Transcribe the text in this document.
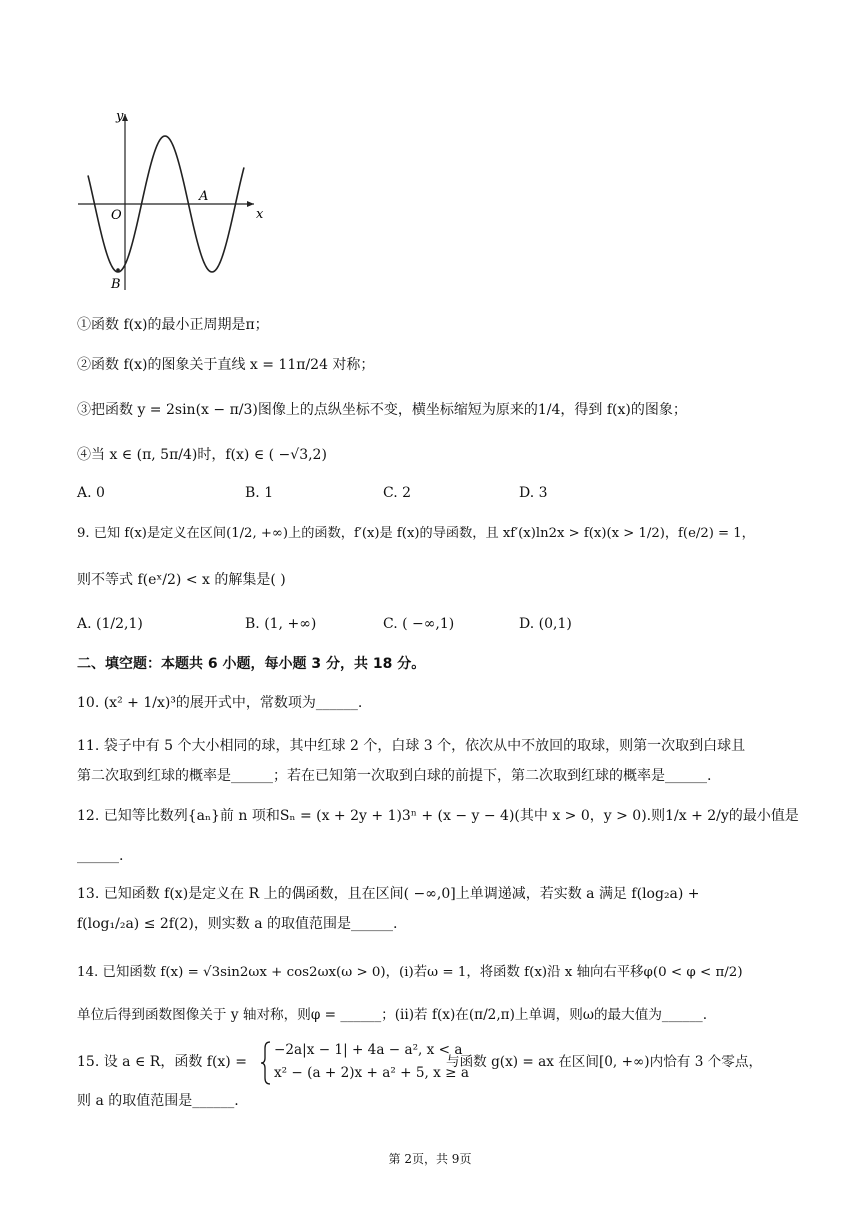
y
x
O
A
B
①函数 f(x)的最小正周期是π；
②函数 f(x)的图象关于直线 x = 11π/24 对称；
③把函数 y = 2sin(x − π/3)图像上的点纵坐标不变，横坐标缩短为原来的1/4，得到 f(x)的图象；
④当 x ∈ (π, 5π/4)时，f(x) ∈ ( −√3,2)
A. 0	B. 1	C. 2	D. 3
9. 已知 f(x)是定义在区间(1/2, +∞)上的函数，f′(x)是 f(x)的导函数，且 xf′(x)ln2x > f(x)(x > 1/2)，f(e/2) = 1，
则不等式 f(eˣ/2) < x 的解集是( )
A. (1/2,1)	B. (1, +∞)	C. ( −∞,1)	D. (0,1)
二、填空题：本题共 6 小题，每小题 3 分，共 18 分。
10. (x² + 1/x)³的展开式中，常数项为______.
11. 袋子中有 5 个大小相同的球，其中红球 2 个，白球 3 个，依次从中不放回的取球，则第一次取到白球且
第二次取到红球的概率是______；若在已知第一次取到白球的前提下，第二次取到红球的概率是______.
12. 已知等比数列{aₙ}前 n 项和Sₙ = (x + 2y + 1)3ⁿ + (x − y − 4)(其中 x > 0，y > 0).则1/x + 2/y的最小值是
______.
13. 已知函数 f(x)是定义在 R 上的偶函数，且在区间( −∞,0]上单调递减，若实数 a 满足 f(log₂a) +
f(log₁/₂a) ≤ 2f(2)，则实数 a 的取值范围是______.
14. 已知函数 f(x) = √3sin2ωx + cos2ωx(ω > 0)，(i)若ω = 1，将函数 f(x)沿 x 轴向右平移φ(0 < φ < π/2)
单位后得到函数图像关于 y 轴对称，则φ = ______；(ii)若 f(x)在(π/2,π)上单调，则ω的最大值为______.
15. 设 a ∈ R，函数 f(x) =
−2a|x − 1| + 4a − a², x < a
x² − (a + 2)x + a² + 5, x ≥ a
与函数 g(x) = ax 在区间[0, +∞)内恰有 3 个零点，
则 a 的取值范围是______.
第 2页，共 9页
